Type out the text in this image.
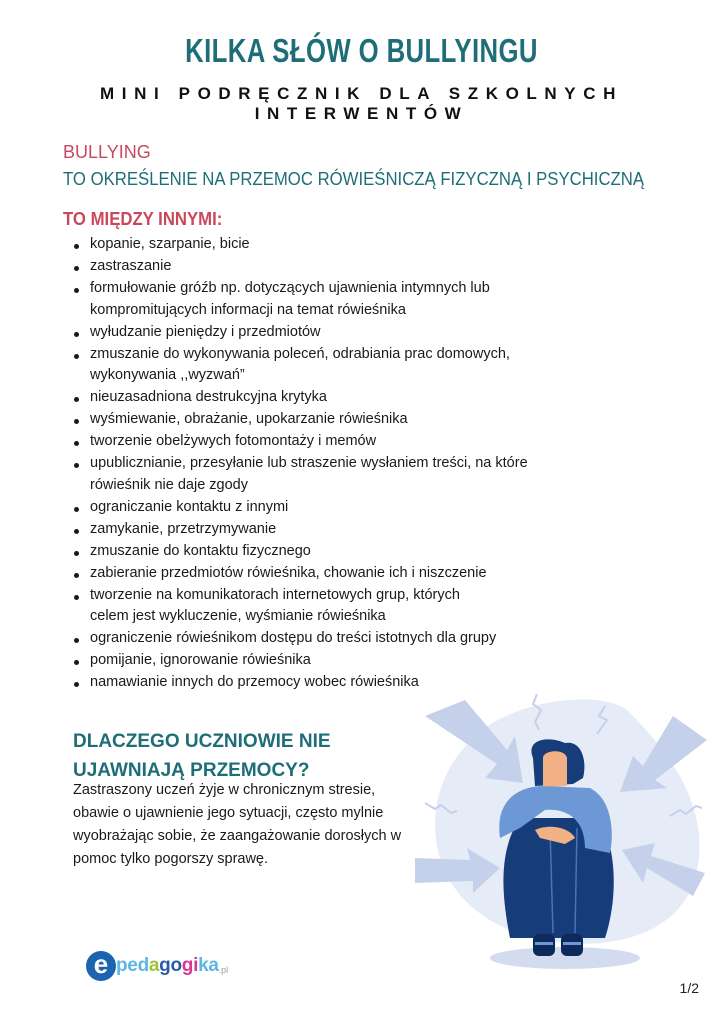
KILKA SŁÓW O BULLYINGU
MINI PODRĘCZNIK DLA SZKOLNYCH INTERWENTÓW
BULLYING
TO OKREŚLENIE NA PRZEMOC RÓWIEŚNICZĄ FIZYCZNĄ I PSYCHICZNĄ
TO MIĘDZY INNYMI:
kopanie, szarpanie, bicie
zastraszanie
formułowanie gróźb np. dotyczących ujawnienia intymnych lub kompromitujących informacji na temat rówieśnika
wyłudzanie pieniędzy i przedmiotów
zmuszanie do wykonywania poleceń, odrabiania prac domowych, wykonywania ,,wyzwań”
nieuzasadniona destrukcyjna krytyka
wyśmiewanie, obrażanie, upokarzanie rówieśnika
tworzenie obelżywych fotomontaży i memów
upublicznianie, przesyłanie lub straszenie wysłaniem treści, na które rówieśnik nie daje zgody
ograniczanie kontaktu z innymi
zamykanie, przetrzymywanie
zmuszanie do kontaktu fizycznego
zabieranie przedmiotów rówieśnika, chowanie ich i niszczenie
tworzenie na komunikatorach internetowych grup, których celem jest wykluczenie, wyśmianie rówieśnika
ograniczenie rówieśnikom dostępu do treści istotnych dla grupy
pomijanie, ignorowanie rówieśnika
namawianie innych do przemocy wobec rówieśnika
DLACZEGO UCZNIOWIE NIE UJAWNIAJĄ PRZEMOCY?
Zastraszony uczeń żyje w chronicznym stresie, obawie o ujawnienie jego sytuacji, często mylnie wyobrażając sobie, że zaangażowanie dorosłych w pomoc tylko pogorszy sprawę.
e ped a go gi ka .pl
1/2
